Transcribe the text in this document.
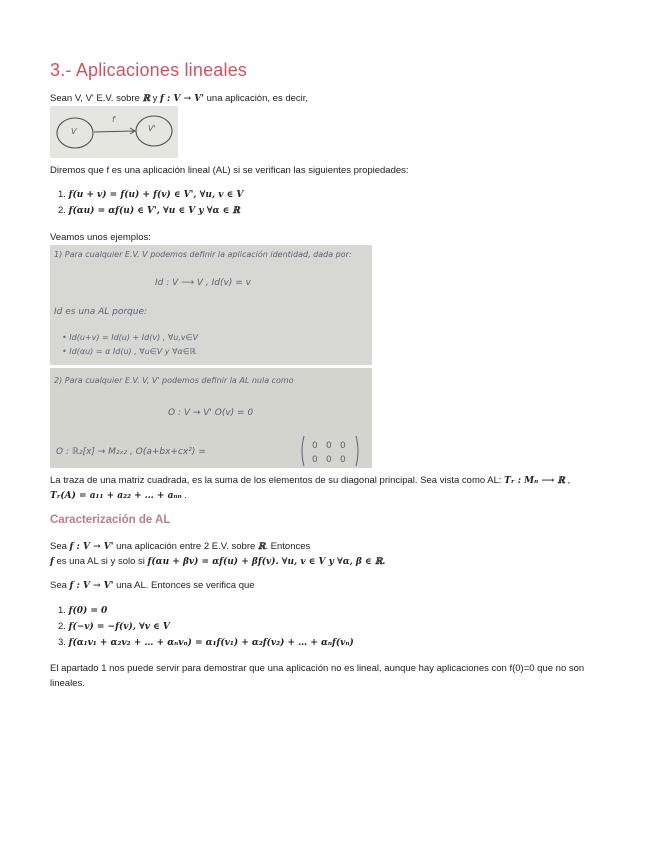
3.- Aplicaciones lineales
Sean V, V' E.V. sobre ℝ y f : V → V' una aplicación, es decir,
V
f
V'
Diremos que f es una aplicación lineal (AL) si se verifican las siguientes propiedades:
1. f(u + v) = f(u) + f(v) ∈ V', ∀u, v ∈ V
2. f(αu) = αf(u) ∈ V', ∀u ∈ V y ∀α ∈ ℝ
Veamos unos ejemplos:
1) Para cualquier E.V. V podemos definir la aplicación identidad, dada por:
Id : V ⟶ V , Id(v) = v
Id es una AL porque:
• Id(u+v) = Id(u) + Id(v) , ∀u,v∈V
• Id(αu) = α Id(u) , ∀u∈V y ∀α∈ℝ
2) Para cualquier E.V. V, V' podemos definir la AL nula como
O : V → V' O(v) = 0
O : ℝ₂[x] → M₂ₓ₂ , O(a+bx+cx²) =
0 0 0
0 0 0
La traza de una matriz cuadrada, es la suma de los elementos de su diagonal principal. Sea vista como AL: Tᵣ : Mₙ ⟶ ℝ ,
Tᵣ(A) = a₁₁ + a₂₂ + … + aₙₙ .
Caracterización de AL
Sea f : V → V' una aplicación entre 2 E.V. sobre ℝ. Entonces
f es una AL si y solo si f(αu + βv) = αf(u) + βf(v). ∀u, v ∈ V y ∀α, β ∈ ℝ.
Sea f : V → V' una AL. Entonces se verifica que
1. f(0) = 0
2. f(−v) = −f(v), ∀v ∈ V
3. f(α₁v₁ + α₂v₂ + … + αₙvₙ) = α₁f(v₁) + α₂f(v₂) + … + αₙf(vₙ)
El apartado 1 nos puede servir para demostrar que una aplicación no es lineal, aunque hay aplicaciones con f(0)=0 que no son
lineales.
